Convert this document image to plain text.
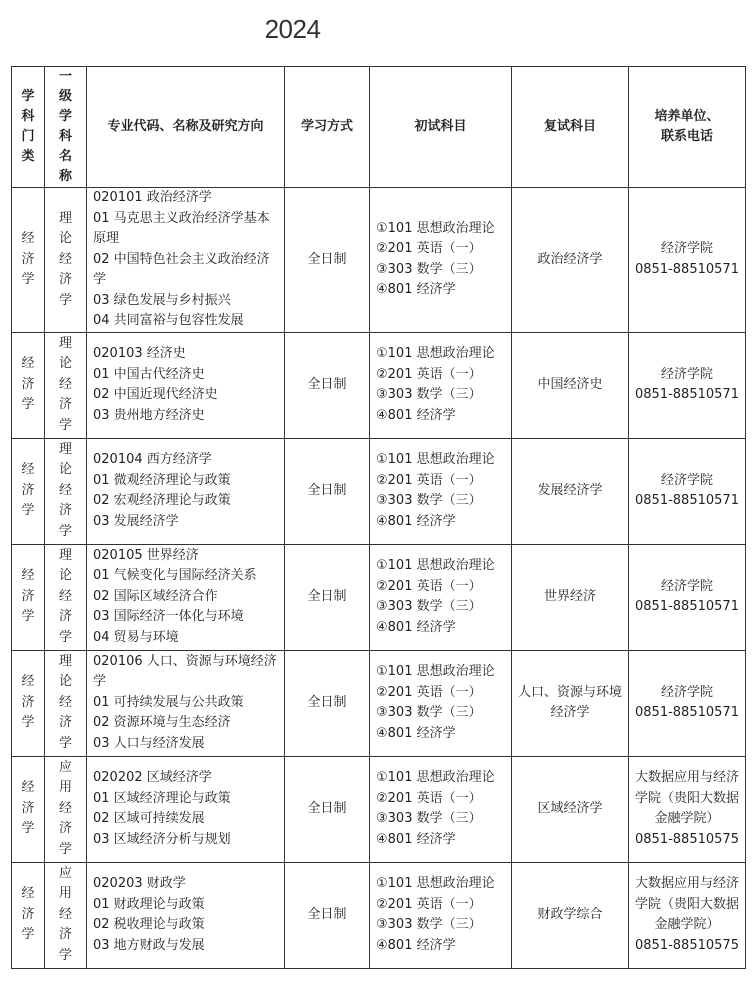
2024
学科门类	一级学科名称	专业代码、名称及研究方向	学习方式	初试科目	复试科目	培养单位、
联系电话

经济学	理论经济学	020101 政治经济学
01 马克思主义政治经济学基本原理
02 中国特色社会主义政治经济学
03 绿色发展与乡村振兴
04 共同富裕与包容性发展	全日制	①101 思想政治理论
②201 英语（一）
③303 数学（三）
④801 经济学	政治经济学	经济学院
0851-88510571

经济学	理论经济学	020103 经济史
01 中国古代经济史
02 中国近现代经济史
03 贵州地方经济史	全日制	①101 思想政治理论
②201 英语（一）
③303 数学（三）
④801 经济学	中国经济史	经济学院
0851-88510571

经济学	理论经济学	020104 西方经济学
01 微观经济理论与政策
02 宏观经济理论与政策
03 发展经济学	全日制	①101 思想政治理论
②201 英语（一）
③303 数学（三）
④801 经济学	发展经济学	经济学院
0851-88510571

经济学	理论经济学	020105 世界经济
01 气候变化与国际经济关系
02 国际区域经济合作
03 国际经济一体化与环境
04 贸易与环境	全日制	①101 思想政治理论
②201 英语（一）
③303 数学（三）
④801 经济学	世界经济	经济学院
0851-88510571

经济学	理论经济学	020106 人口、资源与环境经济学
01 可持续发展与公共政策
02 资源环境与生态经济
03 人口与经济发展	全日制	①101 思想政治理论
②201 英语（一）
③303 数学（三）
④801 经济学	人口、资源与环境经济学	经济学院
0851-88510571

经济学	应用经济学	020202 区域经济学
01 区域经济理论与政策
02 区域可持续发展
03 区域经济分析与规划	全日制	①101 思想政治理论
②201 英语（一）
③303 数学（三）
④801 经济学	区域经济学	大数据应用与经济学院（贵阳大数据金融学院）
0851-88510575

经济学	应用经济学	020203 财政学
01 财政理论与政策
02 税收理论与政策
03 地方财政与发展	全日制	①101 思想政治理论
②201 英语（一）
③303 数学（三）
④801 经济学	财政学综合	大数据应用与经济学院（贵阳大数据金融学院）
0851-88510575
